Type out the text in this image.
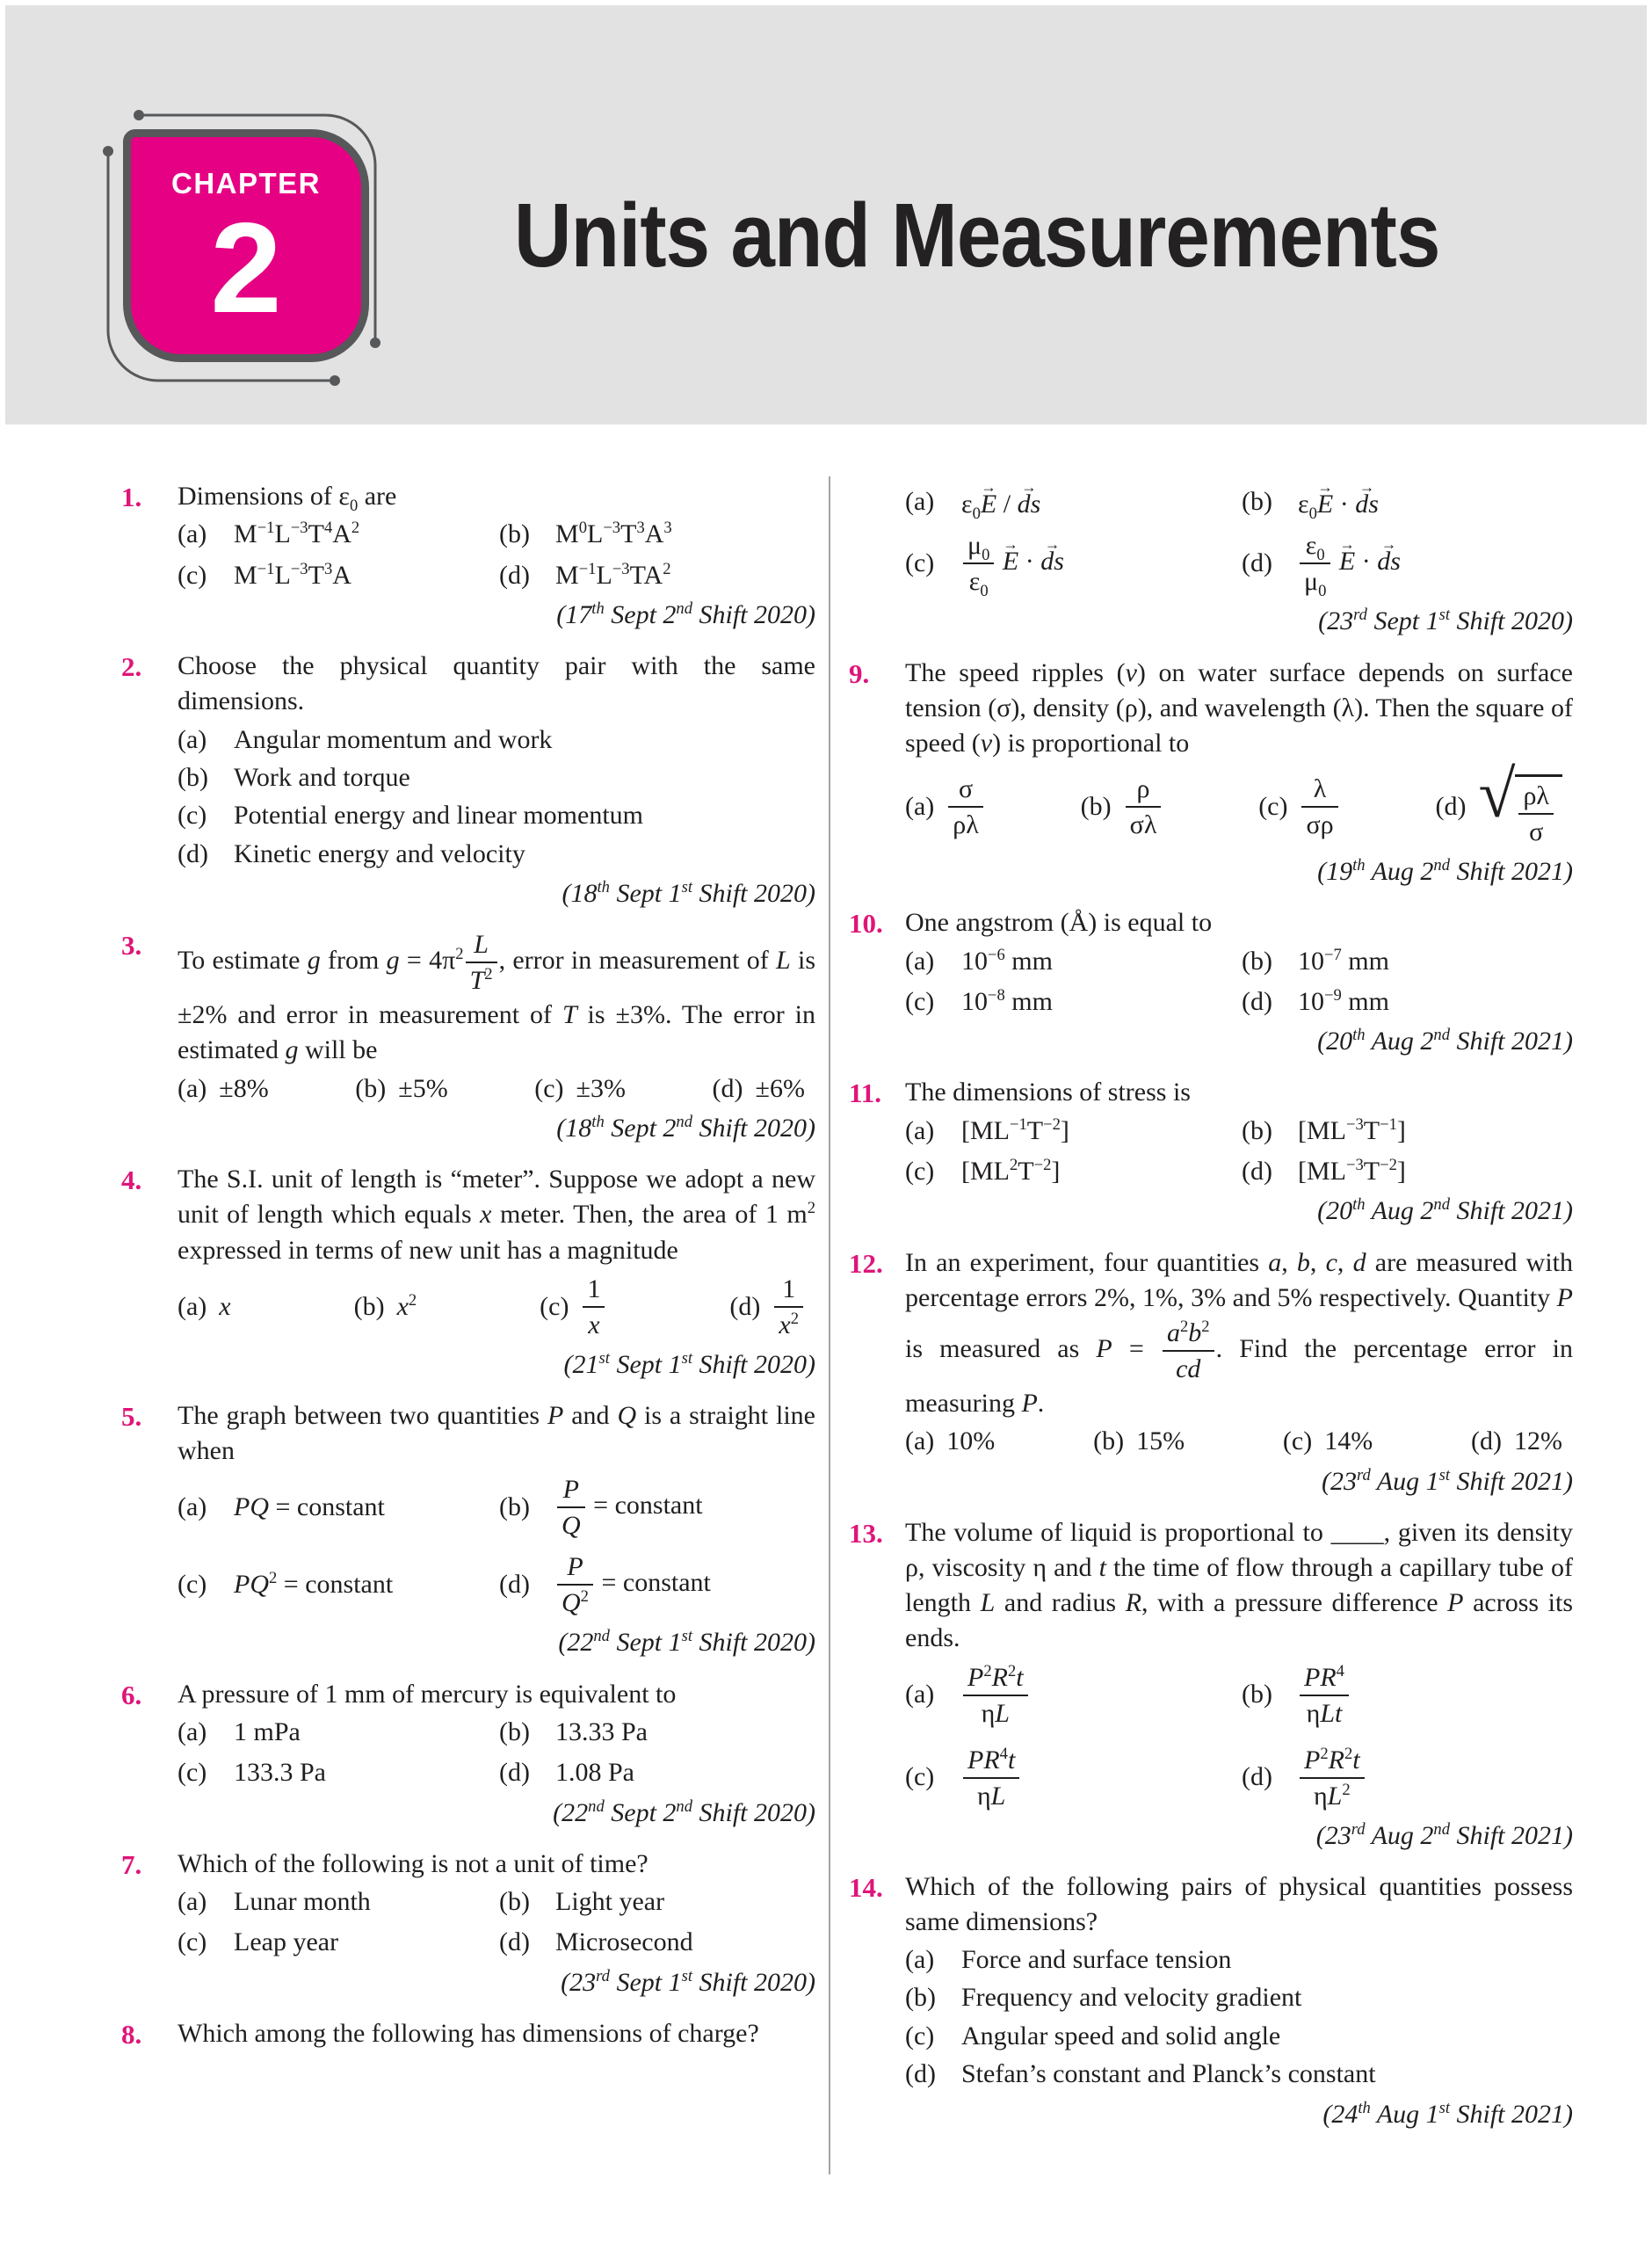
CHAPTER
2	Units and Measurements
1.	Dimensions of $\varepsilon_0$ are
(a)	$M^{-1}L^{-3}T^4A^2$	(b) $M^0L^{-3}T^3A^3$
(c)	$M^{-1}L^{-3}T^3A$	(d) $M^{-1}L^{-3}TA^2$
(17th Sept 2nd Shift 2020)
2.	Choose the physical quantity pair with the same dimensions.
(a)	Angular momentum and work
(b) Work and torque
(c)	Potential energy and linear momentum
(d) Kinetic energy and velocity
(18th Sept 1st Shift 2020)
3.	To estimate g from $g = 4\pi^2 \frac{L}{T^2}$ , error in measurement of L is ±2% and error in measurement of T is ±3%. The error in estimated g will be
(a) ±8%	(b) ±5%	(c) ±3%	(d) ±6%
(18th Sept 2nd Shift 2020)
4.	The S.I. unit of length is “meter”. Suppose we adopt a new unit of length which equals x meter. Then, the area of 1 $m^2$ expressed in terms of new unit has a magnitude
(a) x	(b) $x^2$	$(c) \frac{1}{x}$	$(d) \frac{1}{x^2}$
(21st Sept 1st Shift 2020)
5.	The graph between two quantities P and Q is a straight line when
(a)	PQ = constant	(b)	$\frac{P}{Q}$ = constant
(c)	$PQ^2$ = constant	(d)	$\frac{P}{Q^2}$ = constant
(22nd Sept 1st Shift 2020)
6.	A pressure of 1 mm of mercury is equivalent to
(a)	1 mPa	(b) 13.33 Pa
(c)	133.3 Pa	(d) 1.08 Pa
(22nd Sept 2nd Shift 2020)
7.	Which of the following is not a unit of time?
(a)	Lunar month	(b) Light year
(c)	Leap year	(d) Microsecond
(23rd Sept 1st Shift 2020)
8.	Which among the following has dimensions of charge?
(a)	$\varepsilon_0E$ → / ds →	(b) $\varepsilon_0E$ → · ds →
(c)	$\frac{\mu_0}{\varepsilon_0}$ E → · ds →	(d)	$\frac{\varepsilon_0}{\mu_0}$ E → · ds →
(23rd Sept 1st Shift 2020)
9.	The speed ripples (v) on water surface depends on surface tension (σ), density (ρ), and wavelength (λ). Then the square of speed (v) is proportional to
$(a) \frac{\sigma}{\rho\lambda}$	$(b) \frac{\rho}{\sigma\lambda}$	$(c) \frac{\lambda}{\sigma\rho}$	(d) √ $\frac{\rho\lambda}{\sigma}$
(19th Aug 2nd Shift 2021)
10. One angstrom (Å) is equal to
(a)	$10^{-6}$ mm	(b) $10^{-7}$ mm
(c)	$10^{-8}$ mm	(d) $10^{-9}$ mm
(20th Aug 2nd Shift 2021)
11. The dimensions of stress is
(a)	$[ML^{-1}T^{-2}]$	(b) $[ML^{-3}T^{-1}]$
(c)	$[ML^2T^{-2}]$	(d) $[ML^{-3}T^{-2}]$
(20th Aug 2nd Shift 2021)
12. In an experiment, four quantities a, b, c, d are measured with percentage errors 2%, 1%, 3% and 5% respectively. Quantity P is measured as $P = \frac{a^2b^2}{cd}$ . Find the percentage error in measuring P.
(a) 10%	(b) 15%	(c) 14%	(d) 12%
(23rd Aug 1st Shift 2021)
13. The volume of liquid is proportional to ____, given its density ρ, viscosity η and t the time of flow through a capillary tube of length L and radius R, with a pressure difference P across its ends.
(a)	$\frac{P^2R^2t}{\eta L}$	(b)	$\frac{PR^4}{\text{ηLt}}$
(c)	$\frac{PR^4t}{\eta L}$	(d)	$\frac{P^2R^2t}{\eta L^2}$
(23rd Aug 2nd Shift 2021)
14. Which of the following pairs of physical quantities possess same dimensions?
(a)	Force and surface tension
(b) Frequency and velocity gradient
(c)	Angular speed and solid angle
(d) Stefan’s constant and Planck’s constant
(24th Aug 1st Shift 2021)
